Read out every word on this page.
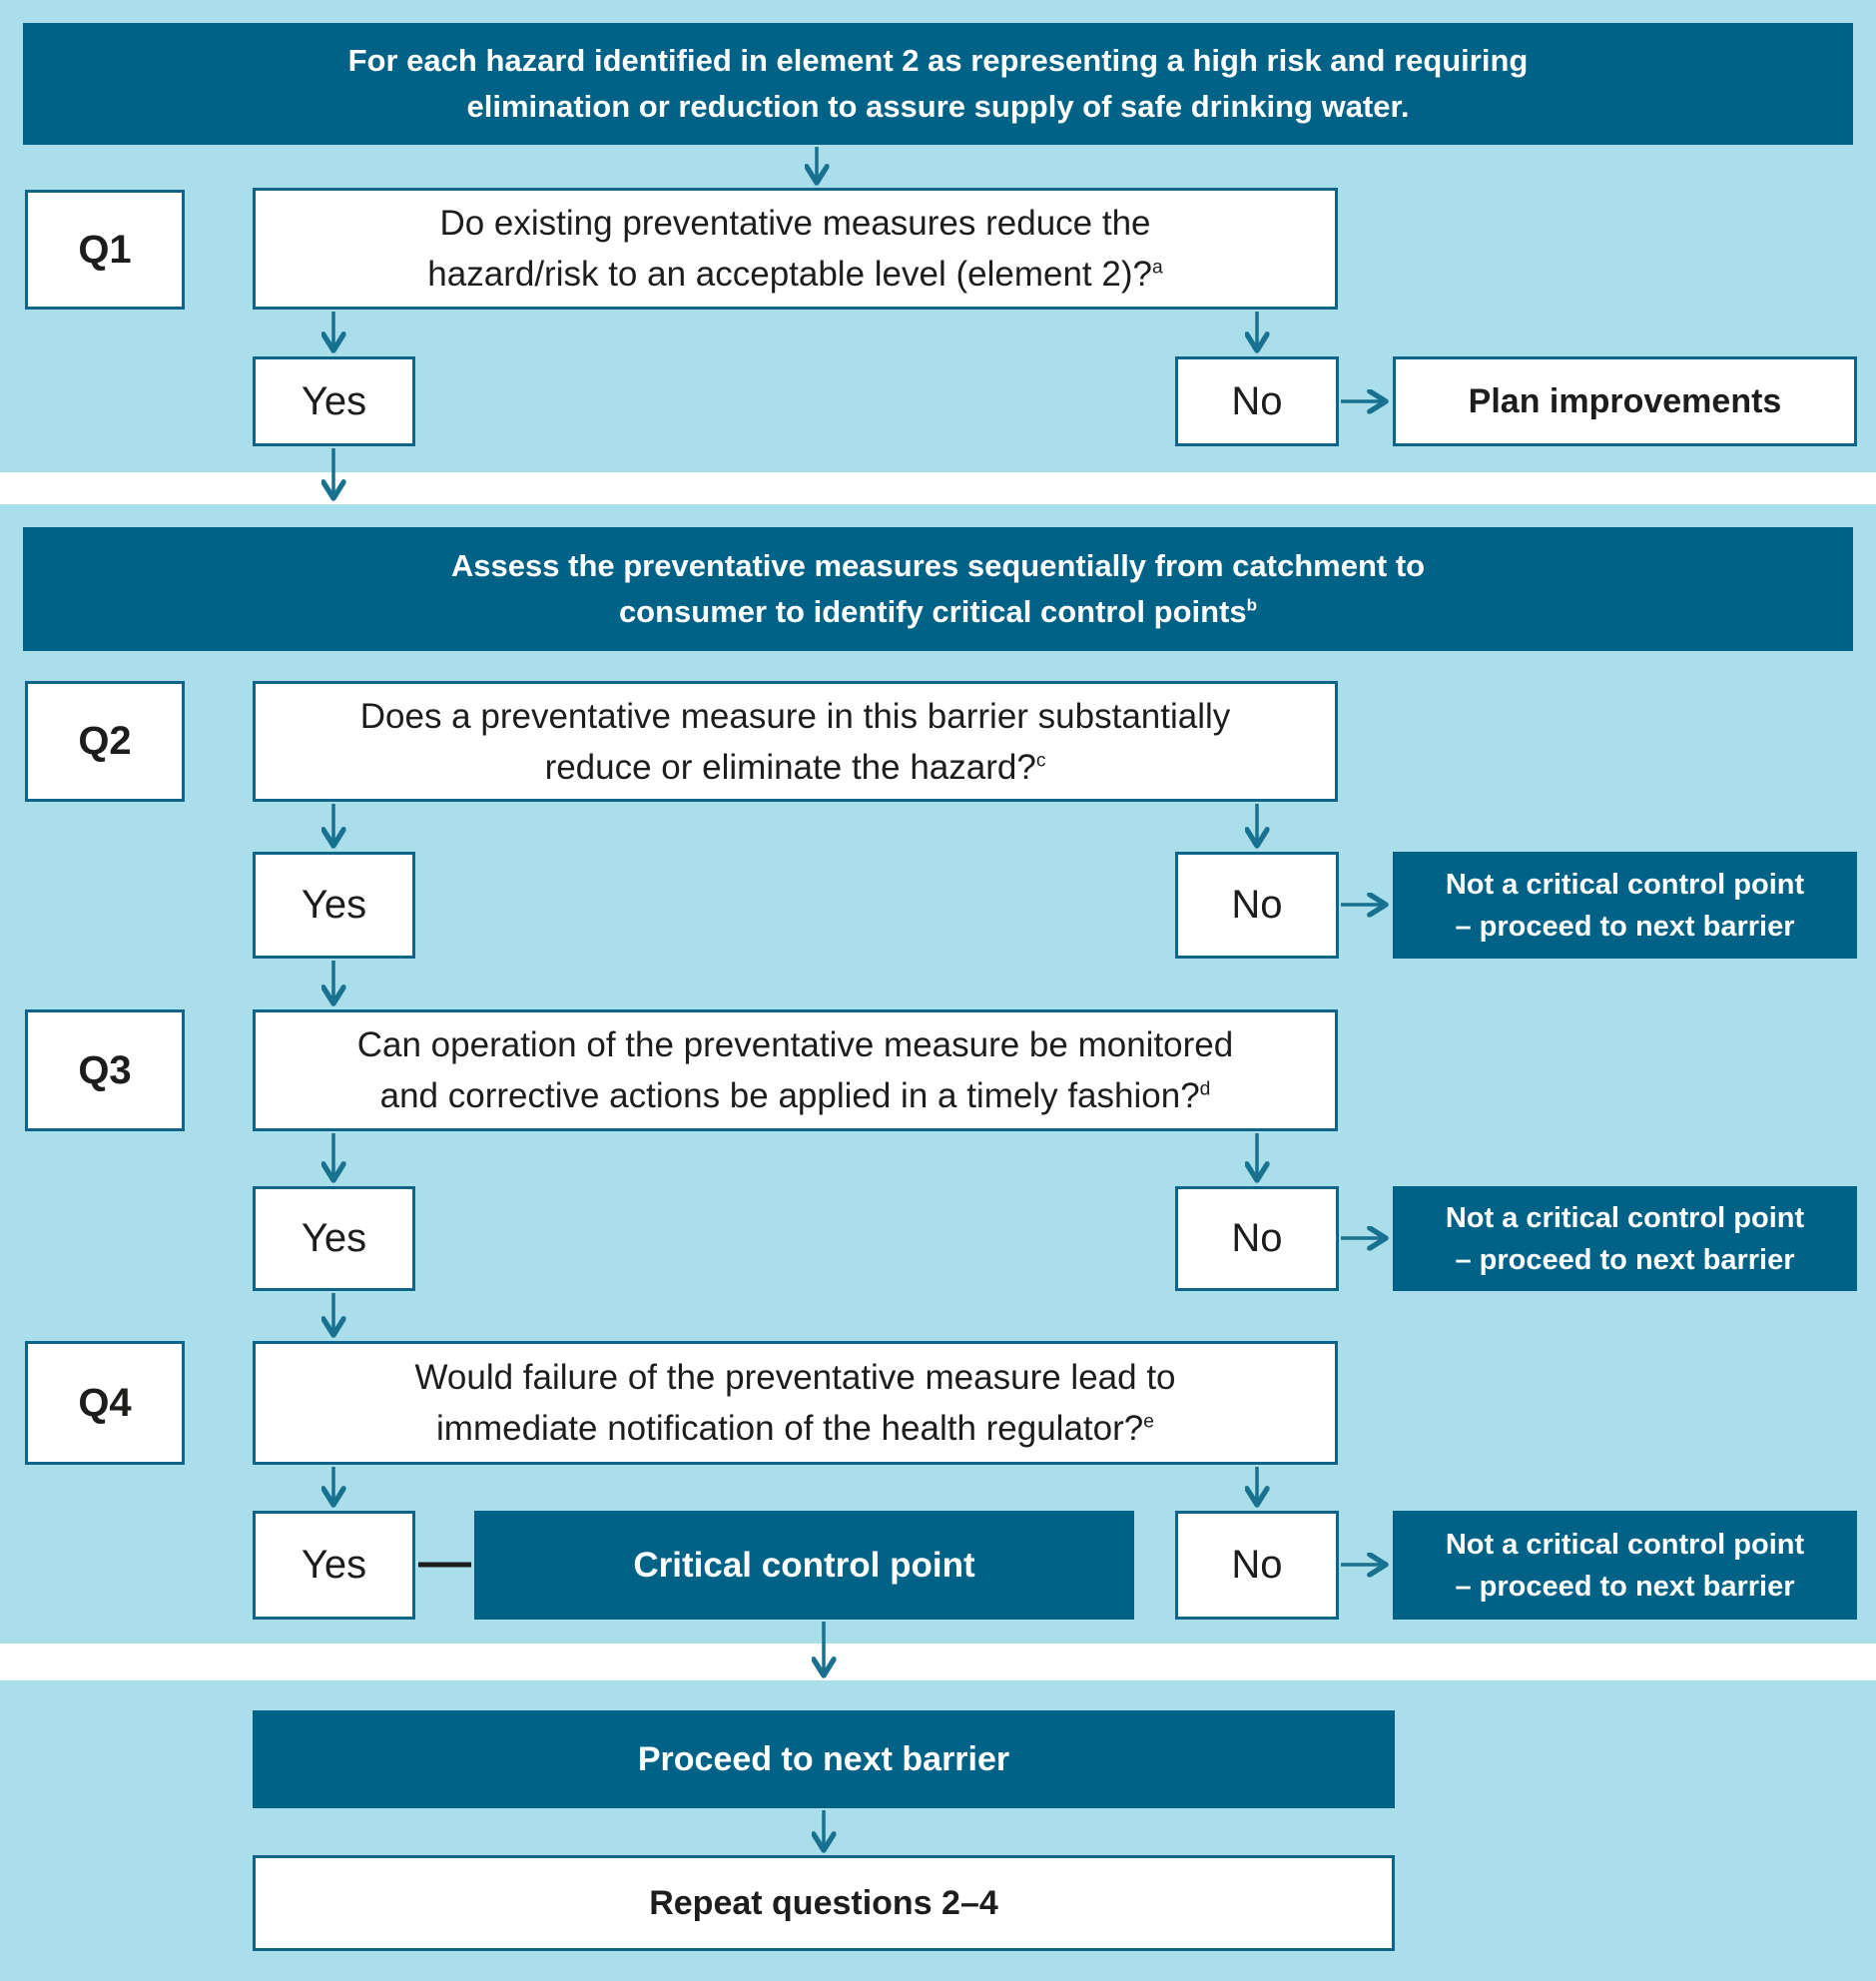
For each hazard identified in element 2 as representing a high risk and requiring
elimination or reduction to assure supply of safe drinking water.
Q1
Do existing preventative measures reduce the
hazard/risk to an acceptable level (element 2)?$^a$
Yes	No	Plan improvements
Assess the preventative measures sequentially from catchment to
consumer to identify critical control points$^b$
Q2
Does a preventative measure in this barrier substantially
reduce or eliminate the hazard?$^c$
Yes	No	Not a critical control point
– proceed to next barrier
Q3
Can operation of the preventative measure be monitored
and corrective actions be applied in a timely fashion?$^d$
Yes	No	Not a critical control point
– proceed to next barrier
Q4
Would failure of the preventative measure lead to
immediate notification of the health regulator?$^e$
Yes	Critical control point	No	Not a critical control point
– proceed to next barrier
Proceed to next barrier
Repeat questions 2–4
